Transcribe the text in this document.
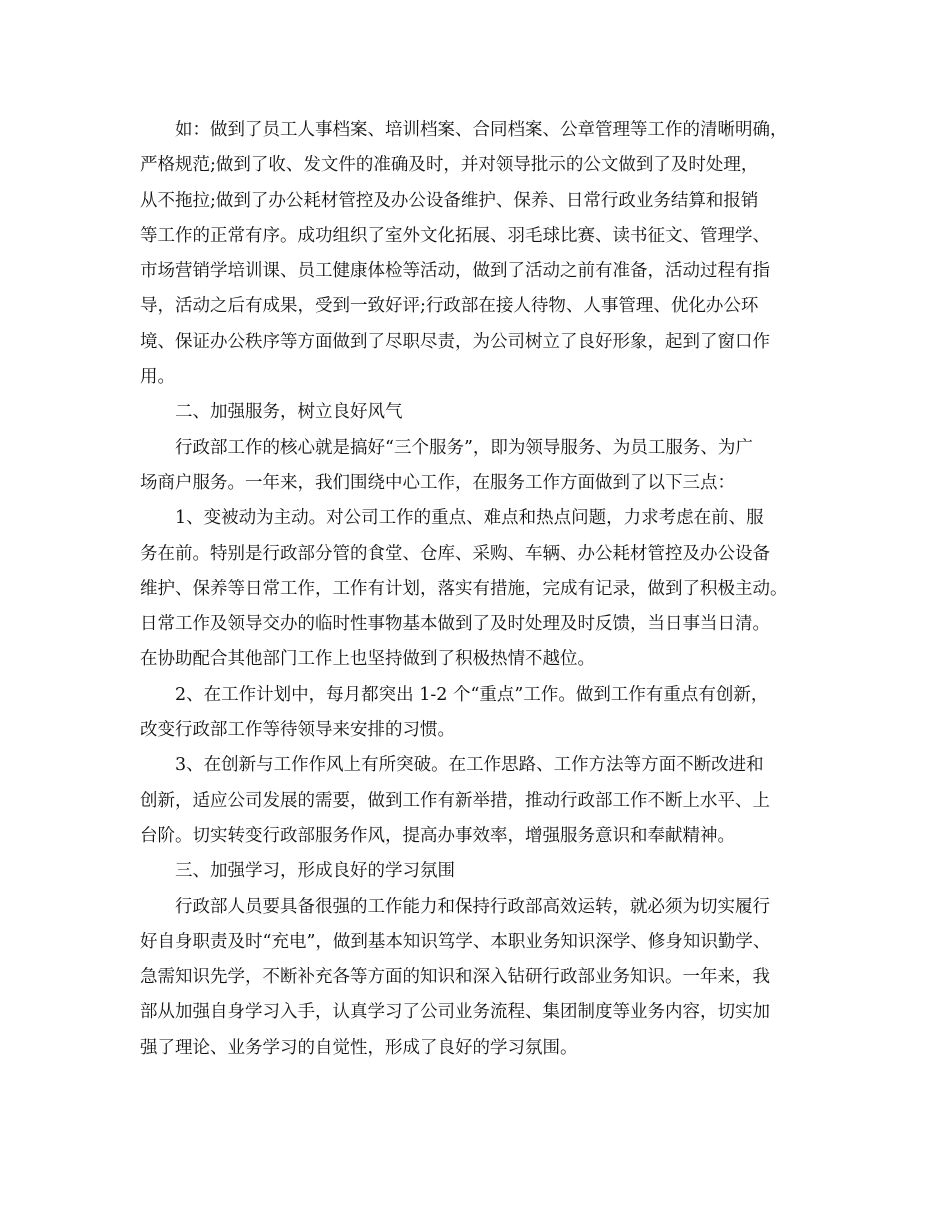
如：做到了员工人事档案、培训档案、合同档案、公章管理等工作的清晰明确，
严格规范;做到了收、发文件的准确及时，并对领导批示的公文做到了及时处理，
从不拖拉;做到了办公耗材管控及办公设备维护、保养、日常行政业务结算和报销
等工作的正常有序。成功组织了室外文化拓展、羽毛球比赛、读书征文、管理学、
市场营销学培训课、员工健康体检等活动，做到了活动之前有准备，活动过程有指
导，活动之后有成果，受到一致好评;行政部在接人待物、人事管理、优化办公环
境、保证办公秩序等方面做到了尽职尽责，为公司树立了良好形象，起到了窗口作
用。
二、加强服务，树立良好风气
行政部工作的核心就是搞好“三个服务”，即为领导服务、为员工服务、为广
场商户服务。一年来，我们围绕中心工作，在服务工作方面做到了以下三点：
1、变被动为主动。对公司工作的重点、难点和热点问题，力求考虑在前、服
务在前。特别是行政部分管的食堂、仓库、采购、车辆、办公耗材管控及办公设备
维护、保养等日常工作，工作有计划，落实有措施，完成有记录，做到了积极主动。
日常工作及领导交办的临时性事物基本做到了及时处理及时反馈，当日事当日清。
在协助配合其他部门工作上也坚持做到了积极热情不越位。
2、在工作计划中，每月都突出 1-2 个“重点”工作。做到工作有重点有创新，
改变行政部工作等待领导来安排的习惯。
3、在创新与工作作风上有所突破。在工作思路、工作方法等方面不断改进和
创新，适应公司发展的需要，做到工作有新举措，推动行政部工作不断上水平、上
台阶。切实转变行政部服务作风，提高办事效率，增强服务意识和奉献精神。
三、加强学习，形成良好的学习氛围
行政部人员要具备很强的工作能力和保持行政部高效运转，就必须为切实履行
好自身职责及时“充电”，做到基本知识笃学、本职业务知识深学、修身知识勤学、
急需知识先学，不断补充各等方面的知识和深入钻研行政部业务知识。一年来，我
部从加强自身学习入手，认真学习了公司业务流程、集团制度等业务内容，切实加
强了理论、业务学习的自觉性，形成了良好的学习氛围。
